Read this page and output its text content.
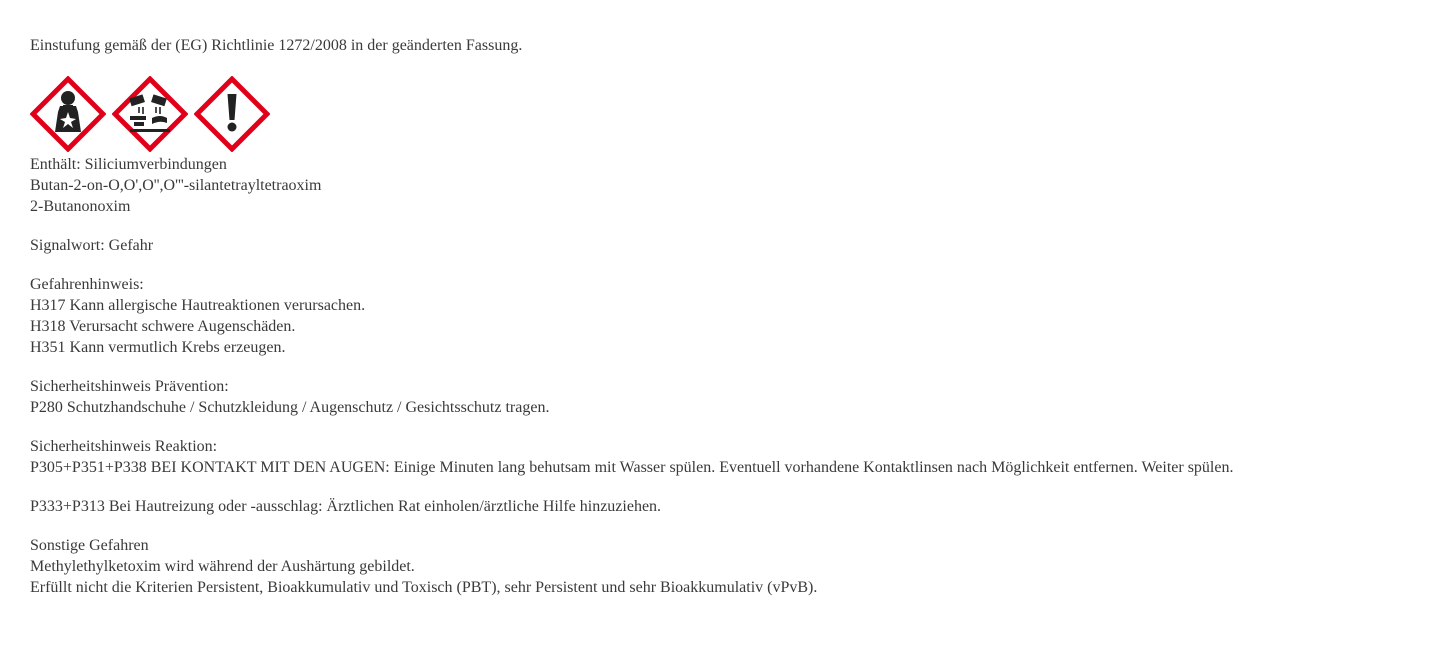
Einstufung gemäß der (EG) Richtlinie 1272/2008 in der geänderten Fassung.

Enthält: Siliciumverbindungen
Butan-2-on-O,O',O'',O'''-silantetrayltetraoxim
2-Butanonoxim
Signalwort: Gefahr
Gefahrenhinweis:
H317 Kann allergische Hautreaktionen verursachen.
H318 Verursacht schwere Augenschäden.
H351 Kann vermutlich Krebs erzeugen.
Sicherheitshinweis Prävention:
P280 Schutzhandschuhe / Schutzkleidung / Augenschutz / Gesichtsschutz tragen.
Sicherheitshinweis Reaktion:
P305+P351+P338 BEI KONTAKT MIT DEN AUGEN: Einige Minuten lang behutsam mit Wasser spülen. Eventuell vorhandene Kontaktlinsen nach Möglichkeit entfernen. Weiter spülen.
P333+P313 Bei Hautreizung oder -ausschlag: Ärztlichen Rat einholen/ärztliche Hilfe hinzuziehen.
Sonstige Gefahren
Methylethylketoxim wird während der Aushärtung gebildet.
Erfüllt nicht die Kriterien Persistent, Bioakkumulativ und Toxisch (PBT), sehr Persistent und sehr Bioakkumulativ (vPvB).
